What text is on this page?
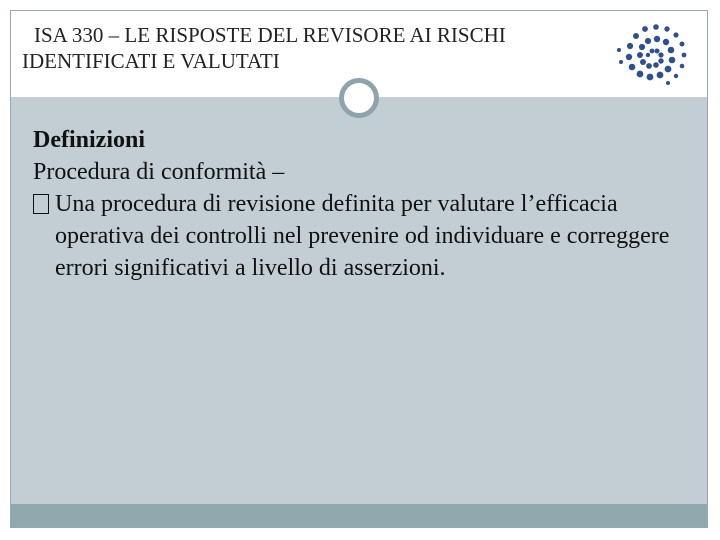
ISA 330 – LE RISPOSTE DEL REVISORE AI RISCHI IDENTIFICATI E VALUTATI

Definizioni

Procedura di conformità –

Una procedura di revisione definita per valutare l’efficacia operativa dei controlli nel prevenire od individuare e correggere errori significativi a livello di asserzioni.
